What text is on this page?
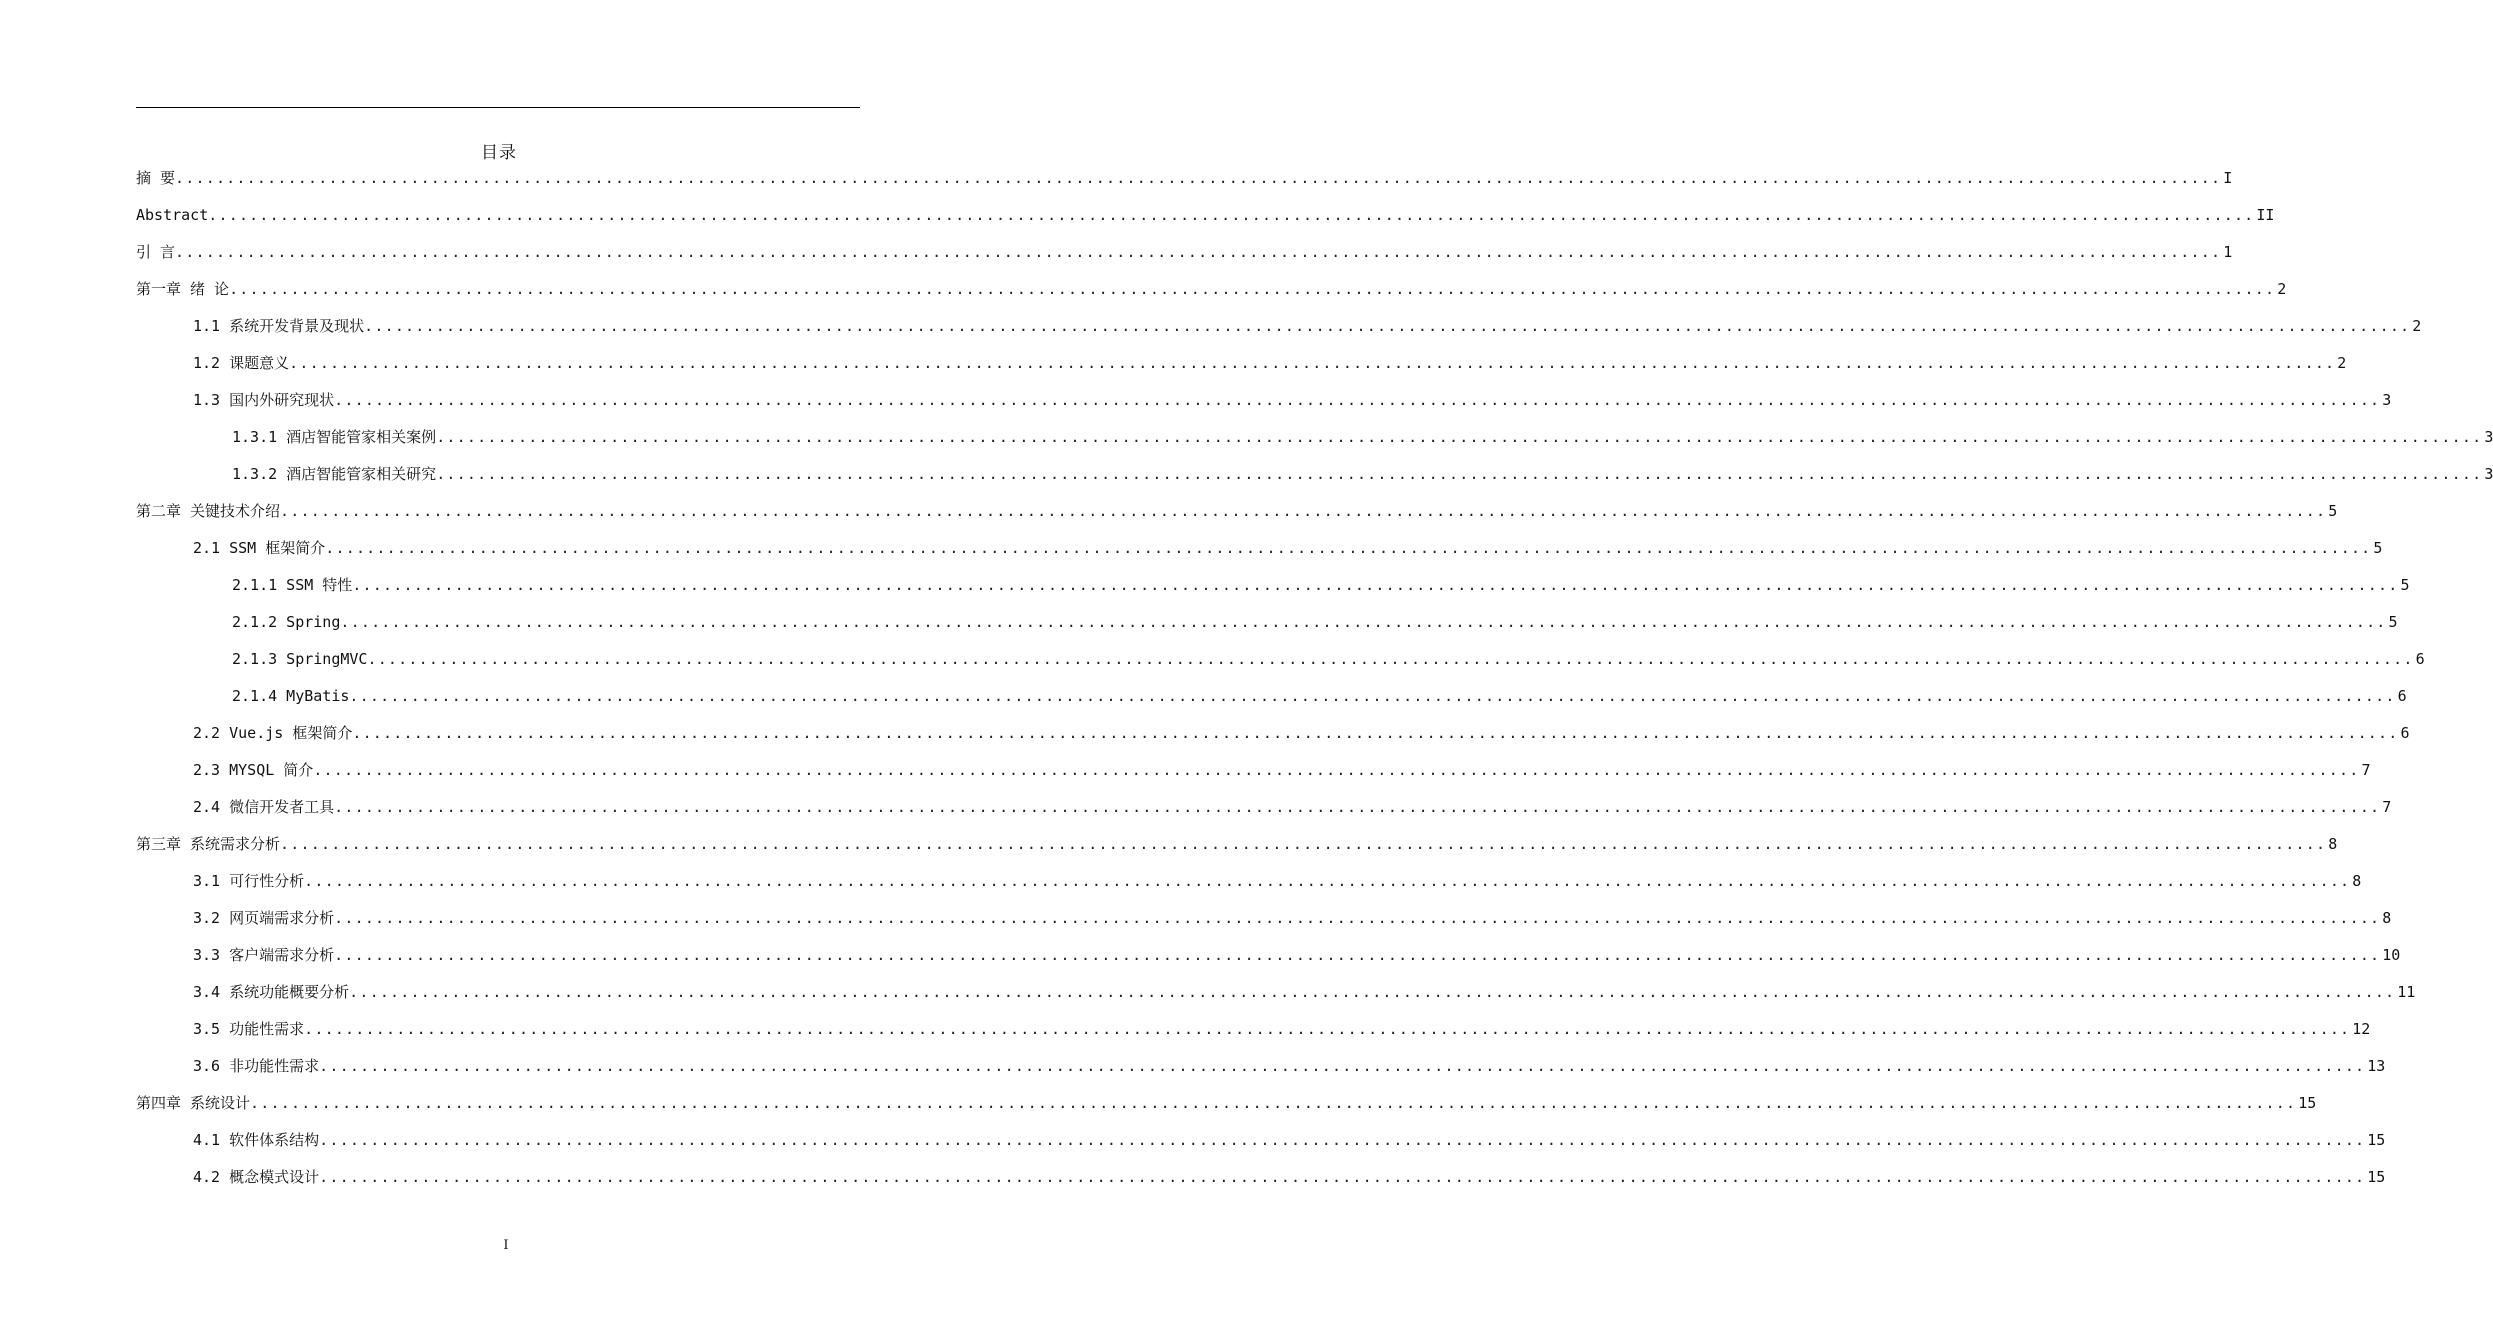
目录
摘 要 ........................................................................................................................................................................................................ I
Abstract ........................................................................................................................................................................................................ II
引 言 ........................................................................................................................................................................................................ 1
第一章 绪 论 ........................................................................................................................................................................................................ 2
1.1 系统开发背景及现状 ........................................................................................................................................................................................................ 2
1.2 课题意义 ........................................................................................................................................................................................................ 2
1.3 国内外研究现状 ........................................................................................................................................................................................................ 3
1.3.1 酒店智能管家相关案例 ........................................................................................................................................................................................................ 3
1.3.2 酒店智能管家相关研究 ........................................................................................................................................................................................................ 3
第二章 关键技术介绍 ........................................................................................................................................................................................................ 5
2.1 SSM 框架简介 ........................................................................................................................................................................................................ 5
2.1.1 SSM 特性 ........................................................................................................................................................................................................ 5
2.1.2 Spring ........................................................................................................................................................................................................ 5
2.1.3 SpringMVC ........................................................................................................................................................................................................ 6
2.1.4 MyBatis ........................................................................................................................................................................................................ 6
2.2 Vue.js 框架简介 ........................................................................................................................................................................................................ 6
2.3 MYSQL 简介 ........................................................................................................................................................................................................ 7
2.4 微信开发者工具 ........................................................................................................................................................................................................ 7
第三章 系统需求分析 ........................................................................................................................................................................................................ 8
3.1 可行性分析 ........................................................................................................................................................................................................ 8
3.2 网页端需求分析 ........................................................................................................................................................................................................ 8
3.3 客户端需求分析 ........................................................................................................................................................................................................ 10
3.4 系统功能概要分析 ........................................................................................................................................................................................................ 11
3.5 功能性需求 ........................................................................................................................................................................................................ 12
3.6 非功能性需求 ........................................................................................................................................................................................................ 13
第四章 系统设计 ........................................................................................................................................................................................................ 15
4.1 软件体系结构 ........................................................................................................................................................................................................ 15
4.2 概念模式设计 ........................................................................................................................................................................................................ 15
I
